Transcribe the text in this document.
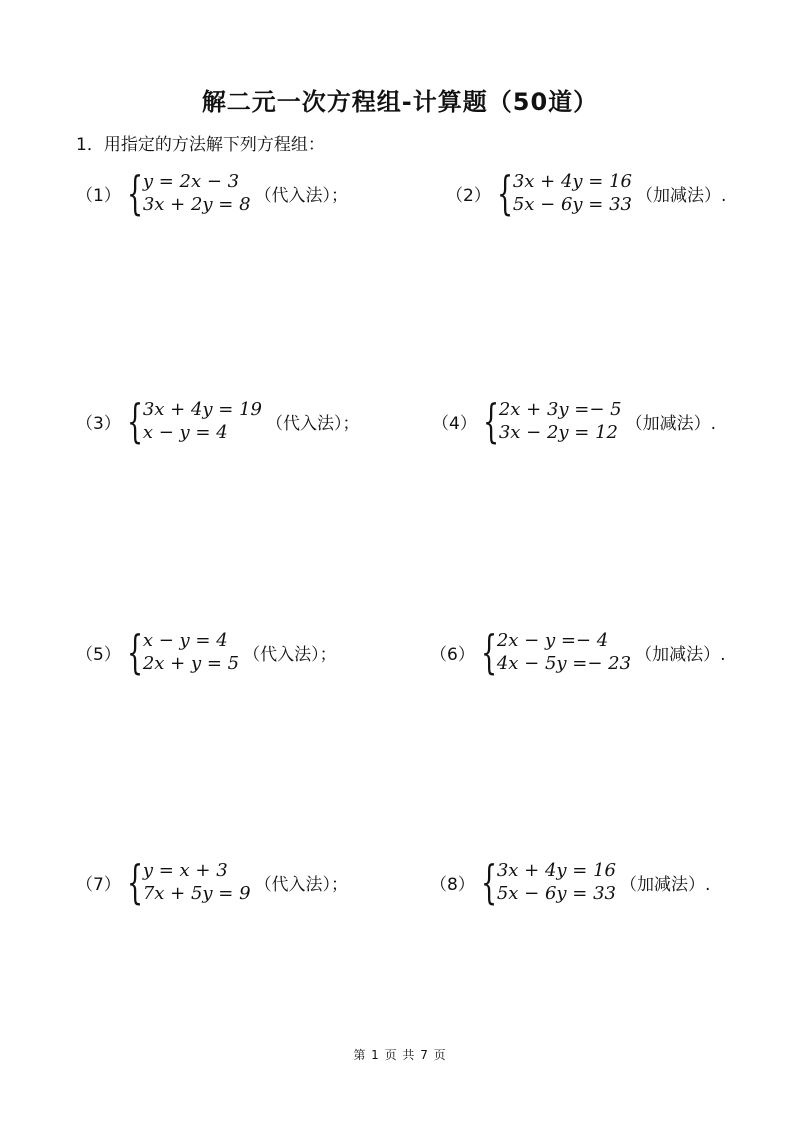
解二元一次方程组-计算题（50道）
1．用指定的方法解下列方程组：
（1） { y = 2x − 3
3x + 2y = 8 （代入法）；	（2） { 3x + 4y = 16
5x − 6y = 33 （加减法）.
（3） { 3x + 4y = 19
x − y = 4	（代入法）；	（4） { 2x + 3y =− 5
3x − 2y = 12 （加减法）.
（5） { x − y = 4
2x + y = 5 （代入法）；	（6） { 2x − y =− 4
4x − 5y =− 23 （加减法）.
（7） { y = x + 3
7x + 5y = 9 （代入法）；	（8） { 3x + 4y = 16
5x − 6y = 33 （加减法）.
第 1 页 共 7 页
